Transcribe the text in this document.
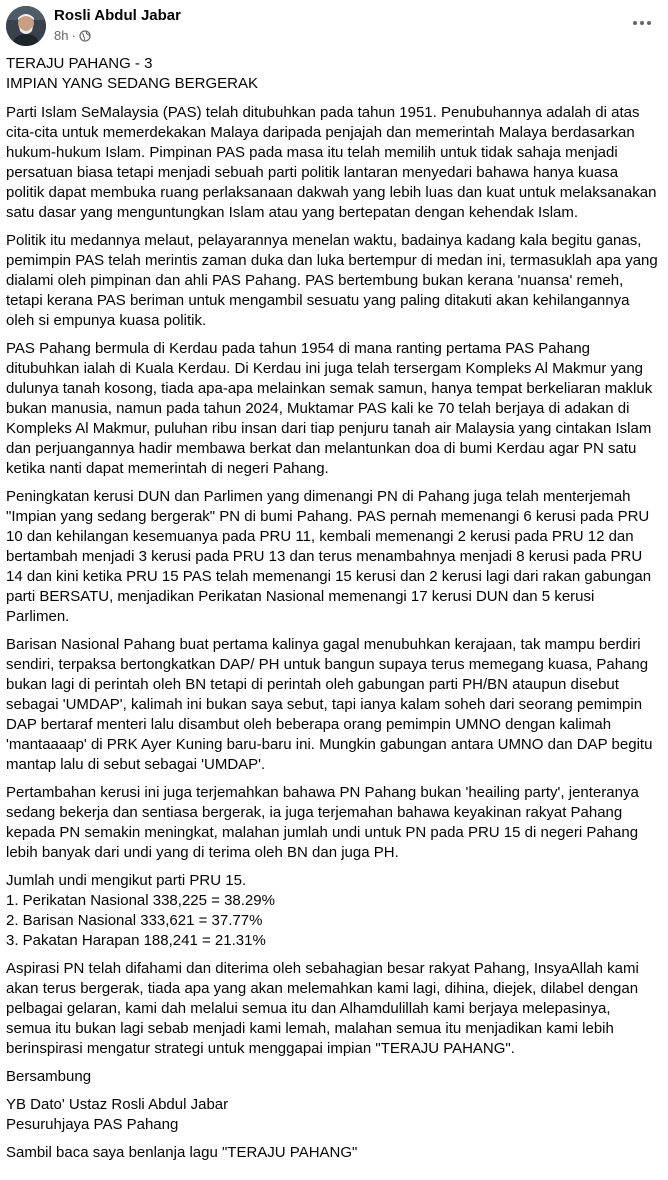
Rosli Abdul Jabar
8h ·

TERAJU PAHANG - 3
IMPIAN YANG SEDANG BERGERAK

Parti Islam SeMalaysia (PAS) telah ditubuhkan pada tahun 1951. Penubuhannya adalah di atas cita-cita untuk memerdekakan Malaya daripada penjajah dan memerintah Malaya berdasarkan hukum-hukum Islam. Pimpinan PAS pada masa itu telah memilih untuk tidak sahaja menjadi persatuan biasa tetapi menjadi sebuah parti politik lantaran menyedari bahawa hanya kuasa politik dapat membuka ruang perlaksanaan dakwah yang lebih luas dan kuat untuk melaksanakan satu dasar yang menguntungkan Islam atau yang bertepatan dengan kehendak Islam.

Politik itu medannya melaut, pelayarannya menelan waktu, badainya kadang kala begitu ganas, pemimpin PAS telah merintis zaman duka dan luka bertempur di medan ini, termasuklah apa yang dialami oleh pimpinan dan ahli PAS Pahang. PAS bertembung bukan kerana 'nuansa' remeh, tetapi kerana PAS beriman untuk mengambil sesuatu yang paling ditakuti akan kehilangannya oleh si empunya kuasa politik.

PAS Pahang bermula di Kerdau pada tahun 1954 di mana ranting pertama PAS Pahang ditubuhkan ialah di Kuala Kerdau. Di Kerdau ini juga telah tersergam Kompleks Al Makmur yang dulunya tanah kosong, tiada apa-apa melainkan semak samun, hanya tempat berkeliaran makluk bukan manusia, namun pada tahun 2024, Muktamar PAS kali ke 70 telah berjaya di adakan di Kompleks Al Makmur, puluhan ribu insan dari tiap penjuru tanah air Malaysia yang cintakan Islam dan perjuangannya hadir membawa berkat dan melantunkan doa di bumi Kerdau agar PN satu ketika nanti dapat memerintah di negeri Pahang.

Peningkatan kerusi DUN dan Parlimen yang dimenangi PN di Pahang juga telah menterjemah "Impian yang sedang bergerak" PN di bumi Pahang. PAS pernah memenangi 6 kerusi pada PRU 10 dan kehilangan kesemuanya pada PRU 11, kembali memenangi 2 kerusi pada PRU 12 dan bertambah menjadi 3 kerusi pada PRU 13 dan terus menambahnya menjadi 8 kerusi pada PRU 14 dan kini ketika PRU 15 PAS telah memenangi 15 kerusi dan 2 kerusi lagi dari rakan gabungan parti BERSATU, menjadikan Perikatan Nasional memenangi 17 kerusi DUN dan 5 kerusi Parlimen.

Barisan Nasional Pahang buat pertama kalinya gagal menubuhkan kerajaan, tak mampu berdiri sendiri, terpaksa bertongkatkan DAP/ PH untuk bangun supaya terus memegang kuasa, Pahang bukan lagi di perintah oleh BN tetapi di perintah oleh gabungan parti PH/BN ataupun disebut sebagai 'UMDAP', kalimah ini bukan saya sebut, tapi ianya kalam soheh dari seorang pemimpin DAP bertaraf menteri lalu disambut oleh beberapa orang pemimpin UMNO dengan kalimah 'mantaaaap' di PRK Ayer Kuning baru-baru ini. Mungkin gabungan antara UMNO dan DAP begitu mantap lalu di sebut sebagai 'UMDAP'.

Pertambahan kerusi ini juga terjemahkan bahawa PN Pahang bukan 'heailing party', jenteranya sedang bekerja dan sentiasa bergerak, ia juga terjemahan bahawa keyakinan rakyat Pahang kepada PN semakin meningkat, malahan jumlah undi untuk PN pada PRU 15 di negeri Pahang lebih banyak dari undi yang di terima oleh BN dan juga PH.

Jumlah undi mengikut parti PRU 15.
1. Perikatan Nasional 338,225 = 38.29%
2. Barisan Nasional 333,621 = 37.77%
3. Pakatan Harapan 188,241 = 21.31%

Aspirasi PN telah difahami dan diterima oleh sebahagian besar rakyat Pahang, InsyaAllah kami akan terus bergerak, tiada apa yang akan melemahkan kami lagi, dihina, diejek, dilabel dengan pelbagai gelaran, kami dah melalui semua itu dan Alhamdulillah kami berjaya melepasinya, semua itu bukan lagi sebab menjadi kami lemah, malahan semua itu menjadikan kami lebih berinspirasi mengatur strategi untuk menggapai impian "TERAJU PAHANG".

Bersambung

YB Dato' Ustaz Rosli Abdul Jabar
Pesuruhjaya PAS Pahang

Sambil baca saya benlanja lagu "TERAJU PAHANG"
